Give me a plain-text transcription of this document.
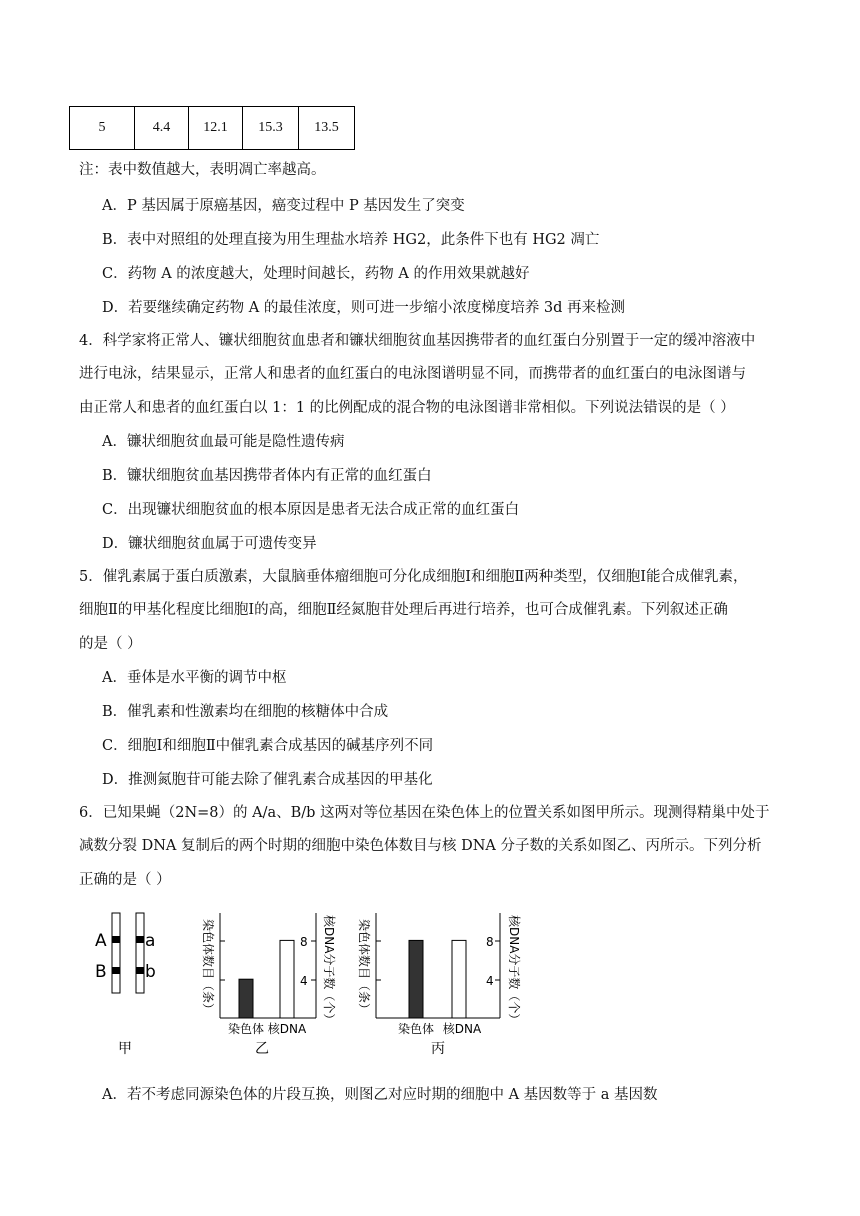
5	4.4	12.1	15.3	13.5
注：表中数值越大，表明凋亡率越高。
A．P 基因属于原癌基因，癌变过程中 P 基因发生了突变
B．表中对照组的处理直接为用生理盐水培养 HG2，此条件下也有 HG2 凋亡
C．药物 A 的浓度越大，处理时间越长，药物 A 的作用效果就越好
D．若要继续确定药物 A 的最佳浓度，则可进一步缩小浓度梯度培养 3d 再来检测
4．科学家将正常人、镰状细胞贫血患者和镰状细胞贫血基因携带者的血红蛋白分别置于一定的缓冲溶液中
进行电泳，结果显示，正常人和患者的血红蛋白的电泳图谱明显不同，而携带者的血红蛋白的电泳图谱与
由正常人和患者的血红蛋白以 1：1 的比例配成的混合物的电泳图谱非常相似。下列说法错误的是（ ）
A．镰状细胞贫血最可能是隐性遗传病
B．镰状细胞贫血基因携带者体内有正常的血红蛋白
C．出现镰状细胞贫血的根本原因是患者无法合成正常的血红蛋白
D．镰状细胞贫血属于可遗传变异
5．催乳素属于蛋白质激素，大鼠脑垂体瘤细胞可分化成细胞Ⅰ和细胞Ⅱ两种类型，仅细胞Ⅰ能合成催乳素，
细胞Ⅱ的甲基化程度比细胞Ⅰ的高，细胞Ⅱ经氮胞苷处理后再进行培养，也可合成催乳素。下列叙述正确
的是（ ）
A．垂体是水平衡的调节中枢
B．催乳素和性激素均在细胞的核糖体中合成
C．细胞Ⅰ和细胞Ⅱ中催乳素合成基因的碱基序列不同
D．推测氮胞苷可能去除了催乳素合成基因的甲基化
6．已知果蝇（2N=8）的 A/a、B/b 这两对等位基因在染色体上的位置关系如图甲所示。现测得精巢中处于
减数分裂 DNA 复制后的两个时期的细胞中染色体数目与核 DNA 分子数的关系如图乙、丙所示。下列分析
正确的是（ ）
A
B
a
b
甲
染色体数目（条）	8
4 核DNA分子数（个）
染色体 核DNA
乙
染色体数目（条）	8
4 核DNA分子数（个）
染色体 核DNA
丙
A．若不考虑同源染色体的片段互换，则图乙对应时期的细胞中 A 基因数等于 a 基因数
